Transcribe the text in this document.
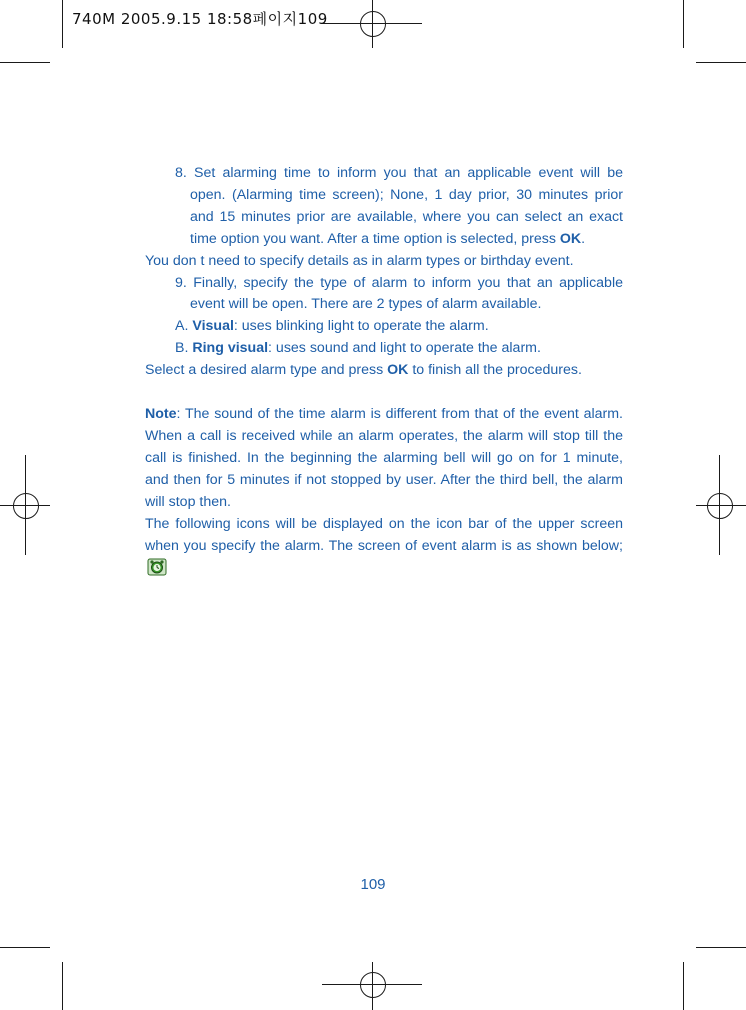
740M 2005.9.15 18:58페이지109

8. Set alarming time to inform you that an applicable event will be open. (Alarming time screen); None, 1 day prior, 30 minutes prior and 15 minutes prior are available, where you can select an exact time option you want. After a time option is selected, press OK.

You don t need to specify details as in alarm types or birthday event.

9. Finally, specify the type of alarm to inform you that an applicable event will be open. There are 2 types of alarm available.

A. Visual: uses blinking light to operate the alarm.

B. Ring visual: uses sound and light to operate the alarm.

Select a desired alarm type and press OK to finish all the procedures.

Note: The sound of the time alarm is different from that of the event alarm. When a call is received while an alarm operates, the alarm will stop till the call is finished. In the beginning the alarming bell will go on for 1 minute, and then for 5 minutes if not stopped by user. After the third bell, the alarm will stop then.

The following icons will be displayed on the icon bar of the upper screen when you specify the alarm. The screen of event alarm is as shown below;

109
